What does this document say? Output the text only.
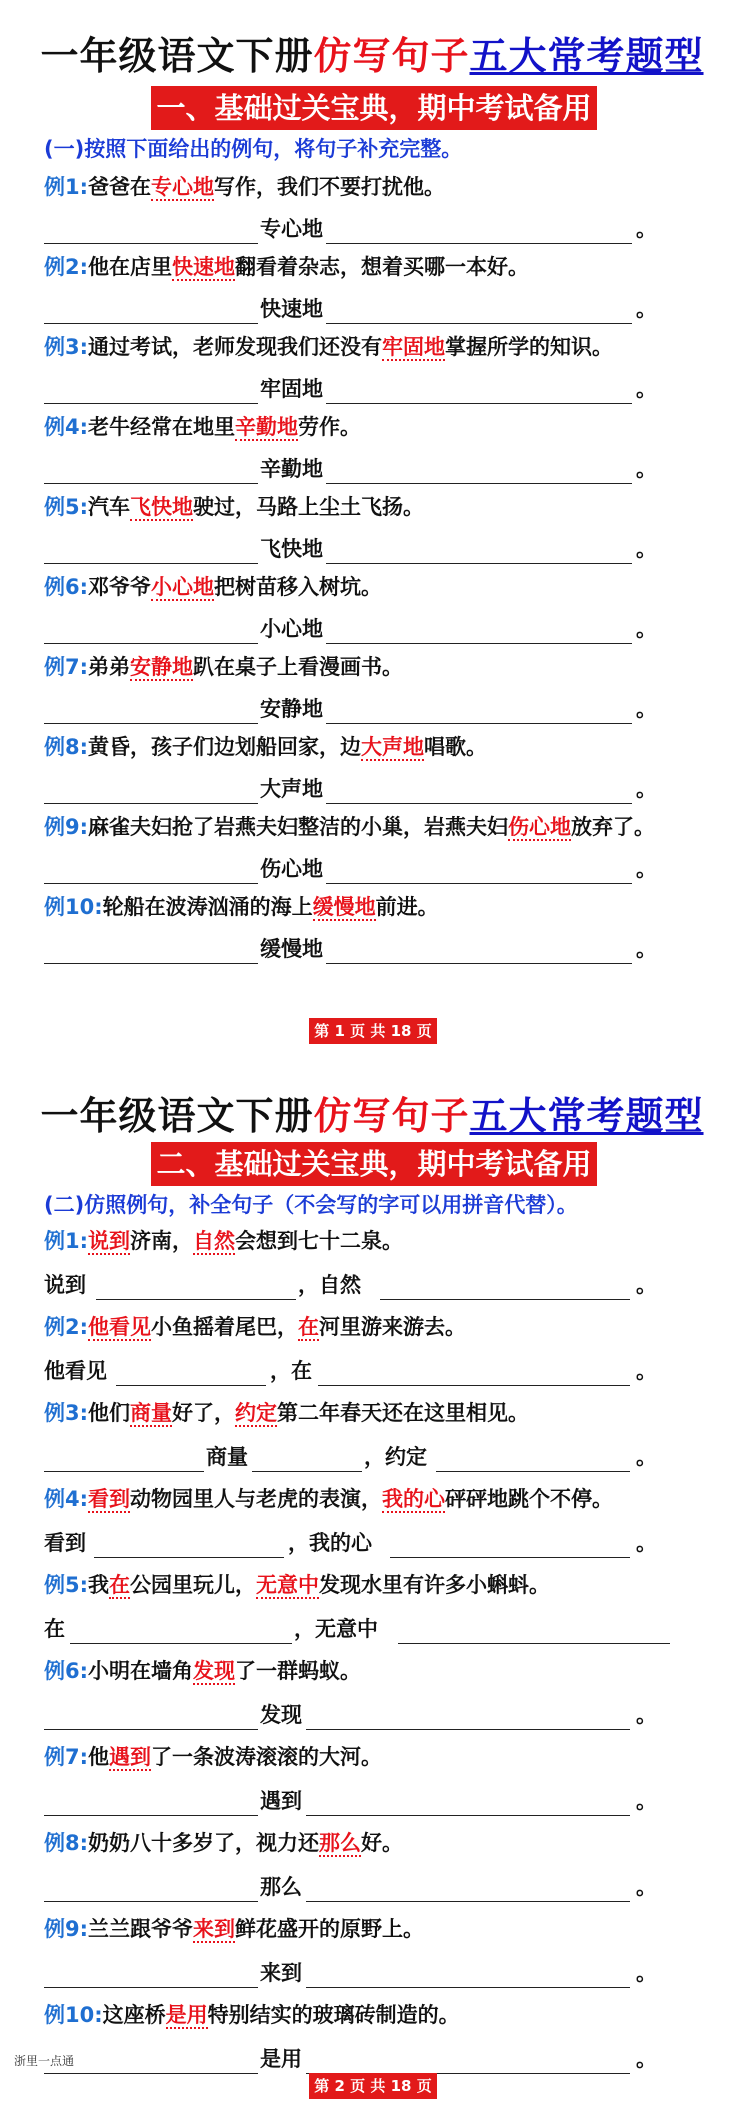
一年级语文下册仿写句子五大常考题型
一、基础过关宝典，期中考试备用
(一)按照下面给出的例句，将句子补充完整。
例1:爸爸在专心地写作，我们不要打扰他。
专心地	。
例2:他在店里快速地翻看着杂志，想着买哪一本好。
快速地	。
例3:通过考试，老师发现我们还没有牢固地掌握所学的知识。
牢固地	。
例4:老牛经常在地里辛勤地劳作。
辛勤地	。
例5:汽车飞快地驶过，马路上尘土飞扬。
飞快地	。
例6:邓爷爷小心地把树苗移入树坑。
小心地	。
例7:弟弟安静地趴在桌子上看漫画书。
安静地	。
例8:黄昏，孩子们边划船回家，边大声地唱歌。
大声地	。
例9:麻雀夫妇抢了岩燕夫妇整洁的小巢，岩燕夫妇伤心地放弃了。
伤心地	。
例10:轮船在波涛汹涌的海上缓慢地前进。
缓慢地	。
第 1 页 共 18 页
一年级语文下册仿写句子五大常考题型
二、基础过关宝典，期中考试备用
(二)仿照例句，补全句子（不会写的字可以用拼音代替）。
例1:说到济南，自然会想到七十二泉。
说到	，自然	。
例2:他看见小鱼摇着尾巴，在河里游来游去。
他看见	，在	。
例3:他们商量好了，约定第二年春天还在这里相见。
商量	，约定	。
例4:看到动物园里人与老虎的表演，我的心砰砰地跳个不停。
看到	，我的心	。
例5:我在公园里玩儿，无意中发现水里有许多小蝌蚪。
在	，无意中
例6:小明在墙角发现了一群蚂蚁。
发现	。
例7:他遇到了一条波涛滚滚的大河。
遇到	。
例8:奶奶八十多岁了，视力还那么好。
那么	。
例9:兰兰跟爷爷来到鲜花盛开的原野上。
来到	。
例10:这座桥是用特别结实的玻璃砖制造的。
是用	。
第 2 页 共 18 页
浙里一点通
